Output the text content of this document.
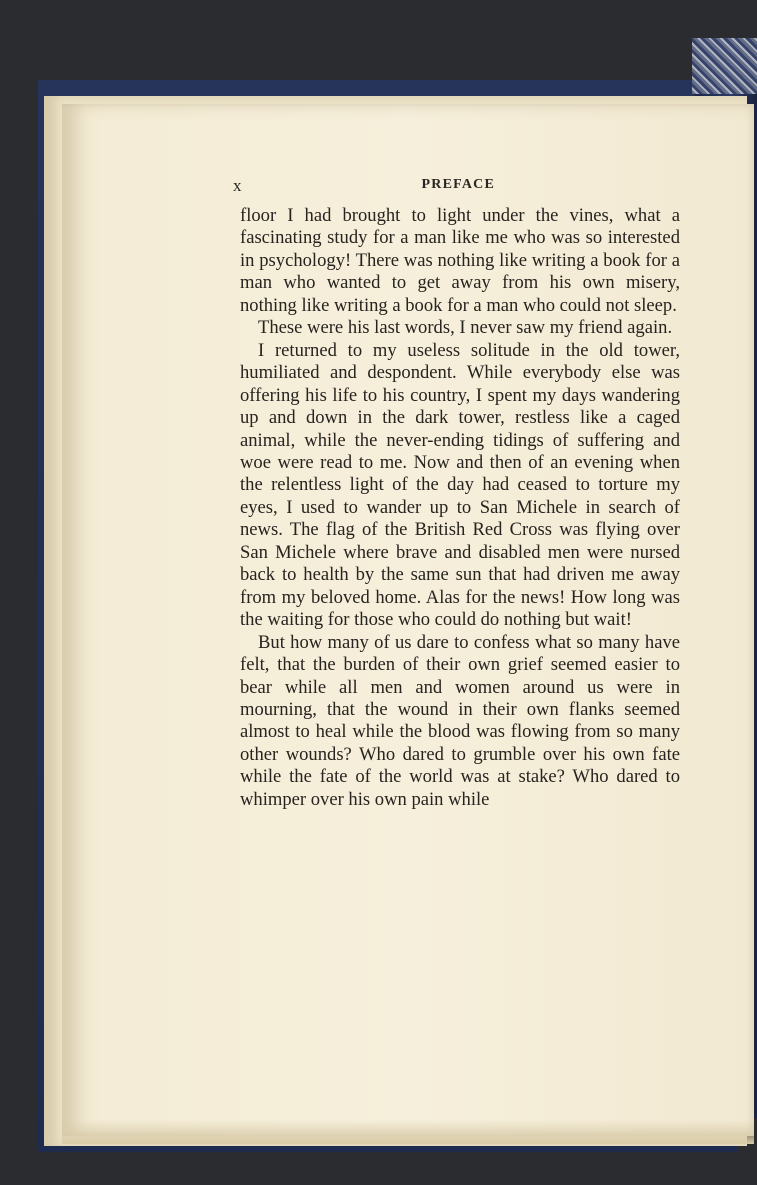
x	PREFACE

floor I had brought to light under the vines, what a fascinating study for a man like me who was so interested in psychology! There was nothing like writing a book for a man who wanted to get away from his own misery, nothing like writing a book for a man who could not sleep.

These were his last words, I never saw my friend again.

I returned to my useless solitude in the old tower, humiliated and despondent. While everybody else was offering his life to his country, I spent my days wandering up and down in the dark tower, restless like a caged animal, while the never-ending tidings of suffering and woe were read to me. Now and then of an evening when the relentless light of the day had ceased to torture my eyes, I used to wander up to San Michele in search of news. The flag of the British Red Cross was flying over San Michele where brave and disabled men were nursed back to health by the same sun that had driven me away from my beloved home. Alas for the news! How long was the waiting for those who could do nothing but wait!

But how many of us dare to confess what so many have felt, that the burden of their own grief seemed easier to bear while all men and women around us were in mourning, that the wound in their own flanks seemed almost to heal while the blood was flowing from so many other wounds? Who dared to grumble over his own fate while the fate of the world was at stake? Who dared to whimper over his own pain while
